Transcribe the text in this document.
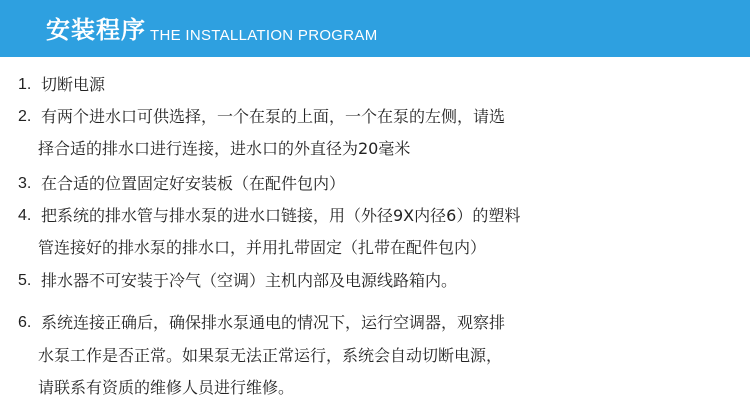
安装程序 THE INSTALLATION PROGRAM
1. 切断电源
2. 有两个进水口可供选择，一个在泵的上面，一个在泵的左侧，请选
择合适的排水口进行连接，进水口的外直径为20毫米
3. 在合适的位置固定好安装板（在配件包内）
4. 把系统的排水管与排水泵的进水口链接，用（外径9X内径6）的塑料
管连接好的排水泵的排水口，并用扎带固定（扎带在配件包内）
5. 排水器不可安装于冷气（空调）主机内部及电源线路箱内。
6. 系统连接正确后，确保排水泵通电的情况下，运行空调器，观察排
水泵工作是否正常。如果泵无法正常运行，系统会自动切断电源，
请联系有资质的维修人员进行维修。
